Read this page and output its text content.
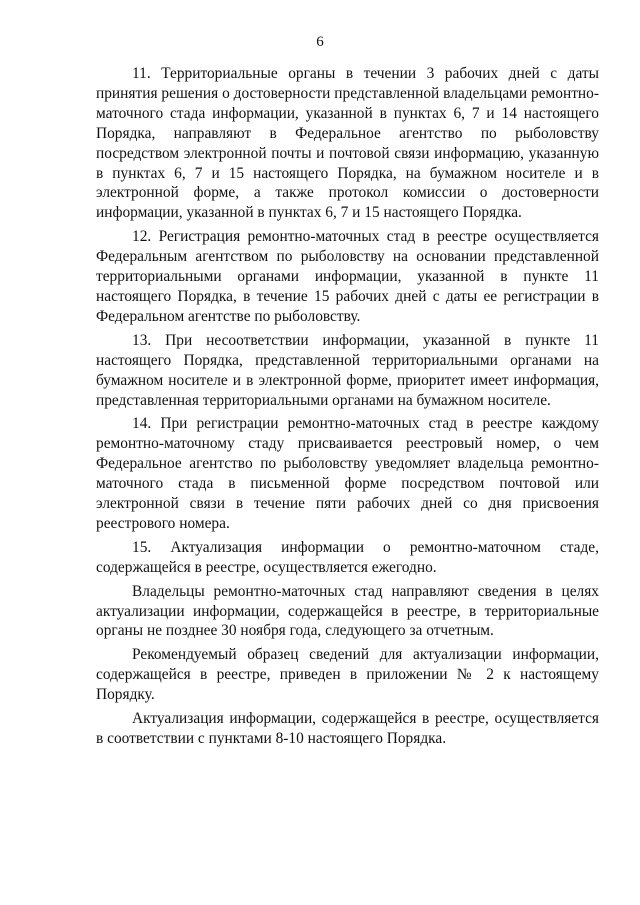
6

11. Территориальные органы в течении 3 рабочих дней с даты принятия решения о достоверности представленной владельцами ремонтно-маточного стада информации, указанной в пунктах 6, 7 и 14 настоящего Порядка, направляют в Федеральное агентство по рыболовству посредством электронной почты и почтовой связи информацию, указанную в пунктах 6, 7 и 15 настоящего Порядка, на бумажном носителе и в электронной форме, а также протокол комиссии о достоверности информации, указанной в пунктах 6, 7 и 15 настоящего Порядка.

12. Регистрация ремонтно-маточных стад в реестре осуществляется Федеральным агентством по рыболовству на основании представленной территориальными органами информации, указанной в пункте 11 настоящего Порядка, в течение 15 рабочих дней с даты ее регистрации в Федеральном агентстве по рыболовству.

13. При несоответствии информации, указанной в пункте 11 настоящего Порядка, представленной территориальными органами на бумажном носителе и в электронной форме, приоритет имеет информация, представленная территориальными органами на бумажном носителе.

14. При регистрации ремонтно-маточных стад в реестре каждому ремонтно-маточному стаду присваивается реестровый номер, о чем Федеральное агентство по рыболовству уведомляет владельца ремонтно-маточного стада в письменной форме посредством почтовой или электронной связи в течение пяти рабочих дней со дня присвоения реестрового номера.

15. Актуализация информации о ремонтно-маточном стаде, содержащейся в реестре, осуществляется ежегодно.

Владельцы ремонтно-маточных стад направляют сведения в целях актуализации информации, содержащейся в реестре, в территориальные органы не позднее 30 ноября года, следующего за отчетным.

Рекомендуемый образец сведений для актуализации информации, содержащейся в реестре, приведен в приложении № 2 к настоящему Порядку.

Актуализация информации, содержащейся в реестре, осуществляется в соответствии с пунктами 8-10 настоящего Порядка.
